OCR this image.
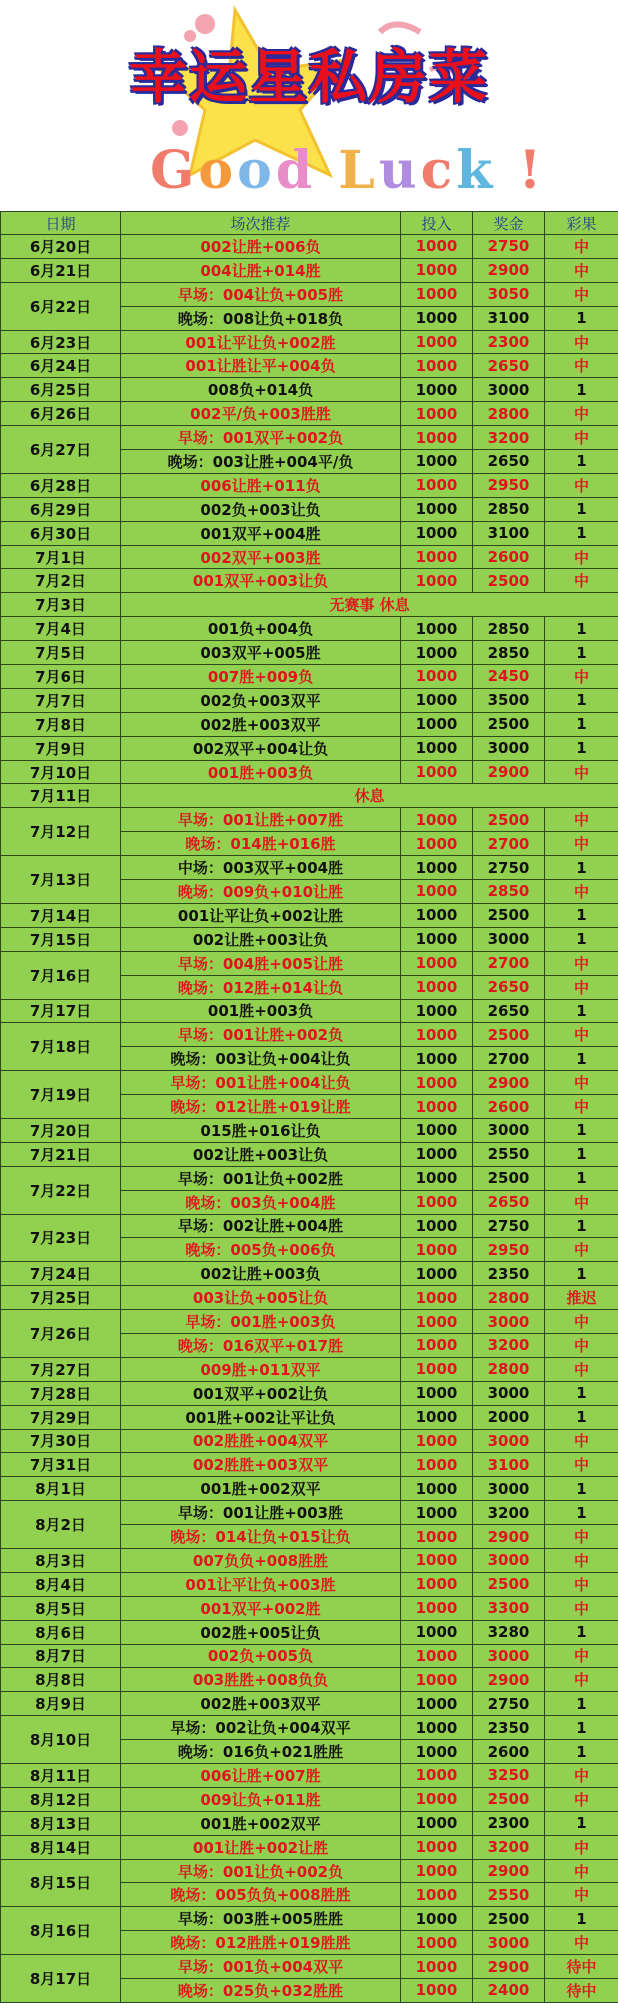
幸运星私房菜
Good Luck !
日期	场次推荐	投入	奖金	彩果
6月20日	002让胜+006负	1000	2750	中
6月21日	004让胜+014胜	1000	2900	中
6月22日	早场：004让负+005胜	1000	3050	中
	晚场：008让负+018负	1000	3100	1
6月23日	001让平让负+002胜	1000	2300	中
6月24日	001让胜让平+004负	1000	2650	中
6月25日	008负+014负	1000	3000	1
6月26日	002平/负+003胜胜	1000	2800	中
6月27日	早场：001双平+002负	1000	3200	中
	晚场：003让胜+004平/负	1000	2650	1
6月28日	006让胜+011负	1000	2950	中
6月29日	002负+003让负	1000	2850	1
6月30日	001双平+004胜	1000	3100	1
7月1日	002双平+003胜	1000	2600	中
7月2日	001双平+003让负	1000	2500	中
7月3日	无赛事 休息			
7月4日	001负+004负	1000	2850	1
7月5日	003双平+005胜	1000	2850	1
7月6日	007胜+009负	1000	2450	中
7月7日	002负+003双平	1000	3500	1
7月8日	002胜+003双平	1000	2500	1
7月9日	002双平+004让负	1000	3000	1
7月10日	001胜+003负	1000	2900	中
7月11日	休息			
7月12日	早场：001让胜+007胜	1000	2500	中
	晚场：014胜+016胜	1000	2700	中
7月13日	中场：003双平+004胜	1000	2750	1
	晚场：009负+010让胜	1000	2850	中
7月14日	001让平让负+002让胜	1000	2500	1
7月15日	002让胜+003让负	1000	3000	1
7月16日	早场：004胜+005让胜	1000	2700	中
	晚场：012胜+014让负	1000	2650	中
7月17日	001胜+003负	1000	2650	1
7月18日	早场：001让胜+002负	1000	2500	中
	晚场：003让负+004让负	1000	2700	1
7月19日	早场：001让胜+004让负	1000	2900	中
	晚场：012让胜+019让胜	1000	2600	中
7月20日	015胜+016让负	1000	3000	1
7月21日	002让胜+003让负	1000	2550	1
7月22日	早场：001让负+002胜	1000	2500	1
	晚场：003负+004胜	1000	2650	中
7月23日	早场：002让胜+004胜	1000	2750	1
	晚场：005负+006负	1000	2950	中
7月24日	002让胜+003负	1000	2350	1
7月25日	003让负+005让负	1000	2800	推迟
7月26日	早场：001胜+003负	1000	3000	中
	晚场：016双平+017胜	1000	3200	中
7月27日	009胜+011双平	1000	2800	中
7月28日	001双平+002让负	1000	3000	1
7月29日	001胜+002让平让负	1000	2000	1
7月30日	002胜胜+004双平	1000	3000	中
7月31日	002胜胜+003双平	1000	3100	中
8月1日	001胜+002双平	1000	3000	1
8月2日	早场：001让胜+003胜	1000	3200	1
	晚场：014让负+015让负	1000	2900	中
8月3日	007负负+008胜胜	1000	3000	中
8月4日	001让平让负+003胜	1000	2500	中
8月5日	001双平+002胜	1000	3300	中
8月6日	002胜+005让负	1000	3280	1
8月7日	002负+005负	1000	3000	中
8月8日	003胜胜+008负负	1000	2900	中
8月9日	002胜+003双平	1000	2750	1
8月10日	早场：002让负+004双平	1000	2350	1
	晚场：016负+021胜胜	1000	2600	1
8月11日	006让胜+007胜	1000	3250	中
8月12日	009让负+011胜	1000	2500	中
8月13日	001胜+002双平	1000	2300	1
8月14日	001让胜+002让胜	1000	3200	中
8月15日	早场：001让负+002负	1000	2900	中
	晚场：005负负+008胜胜	1000	2550	中
8月16日	早场：003胜+005胜胜	1000	2500	1
	晚场：012胜胜+019胜胜	1000	3000	中
8月17日	早场：001负+004双平	1000	2900	待中
	晚场：025负+032胜胜	1000	2400	待中
